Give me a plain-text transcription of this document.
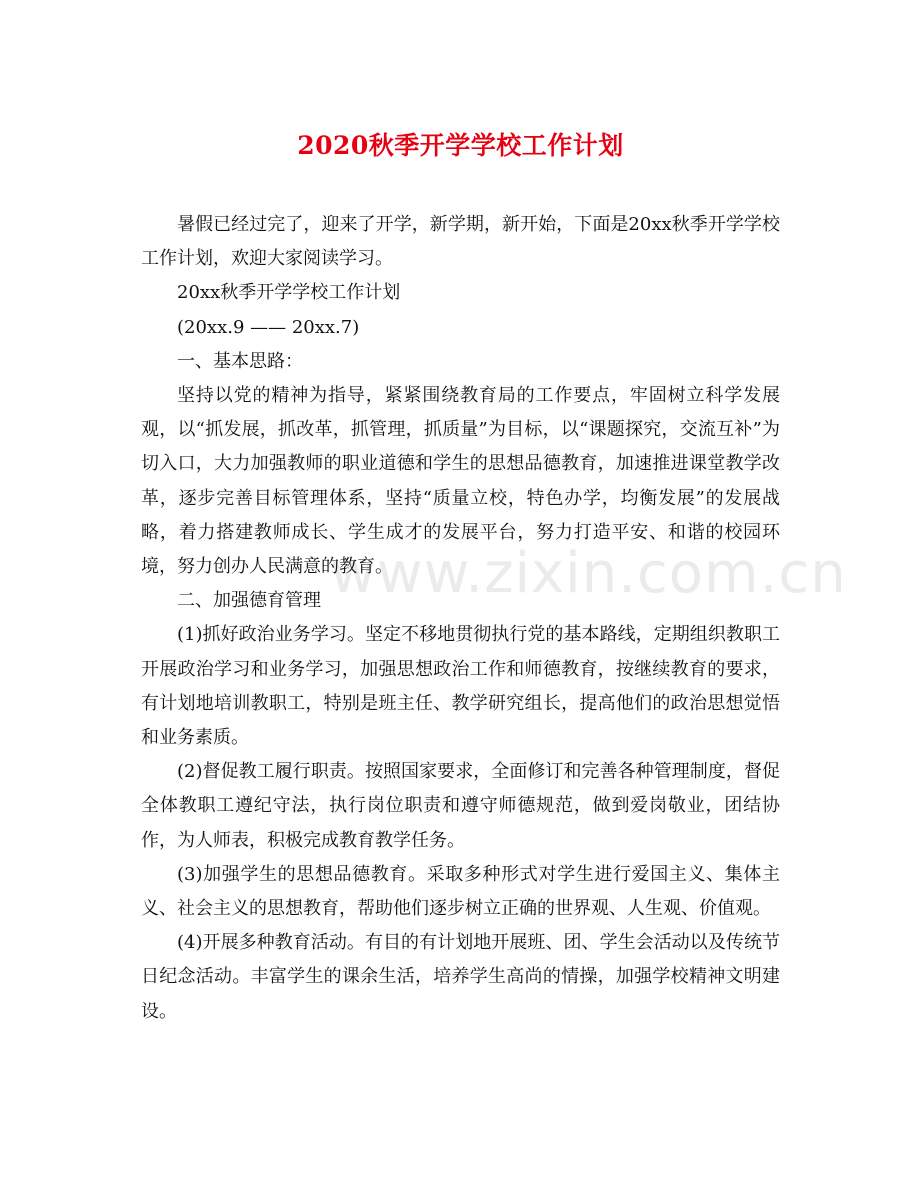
www.zixin.com.cn
2020秋季开学学校工作计划

暑假已经过完了，迎来了开学，新学期，新开始，下面是20xx秋季开学学校工作计划，欢迎大家阅读学习。

20xx秋季开学学校工作计划

(20xx.9 —— 20xx.7)

一、基本思路：

坚持以党的精神为指导，紧紧围绕教育局的工作要点，牢固树立科学发展观，以“抓发展，抓改革，抓管理，抓质量”为目标，以“课题探究，交流互补”为切入口，大力加强教师的职业道德和学生的思想品德教育，加速推进课堂教学改革，逐步完善目标管理体系，坚持“质量立校，特色办学，均衡发展”的发展战略，着力搭建教师成长、学生成才的发展平台，努力打造平安、和谐的校园环境，努力创办人民满意的教育。

二、加强德育管理

(1)抓好政治业务学习。坚定不移地贯彻执行党的基本路线，定期组织教职工开展政治学习和业务学习，加强思想政治工作和师德教育，按继续教育的要求，有计划地培训教职工，特别是班主任、教学研究组长，提高他们的政治思想觉悟和业务素质。

(2)督促教工履行职责。按照国家要求，全面修订和完善各种管理制度，督促全体教职工遵纪守法，执行岗位职责和遵守师德规范，做到爱岗敬业，团结协作，为人师表，积极完成教育教学任务。

(3)加强学生的思想品德教育。采取多种形式对学生进行爱国主义、集体主义、社会主义的思想教育，帮助他们逐步树立正确的世界观、人生观、价值观。

(4)开展多种教育活动。有目的有计划地开展班、团、学生会活动以及传统节日纪念活动。丰富学生的课余生活，培养学生高尚的情操，加强学校精神文明建设。
